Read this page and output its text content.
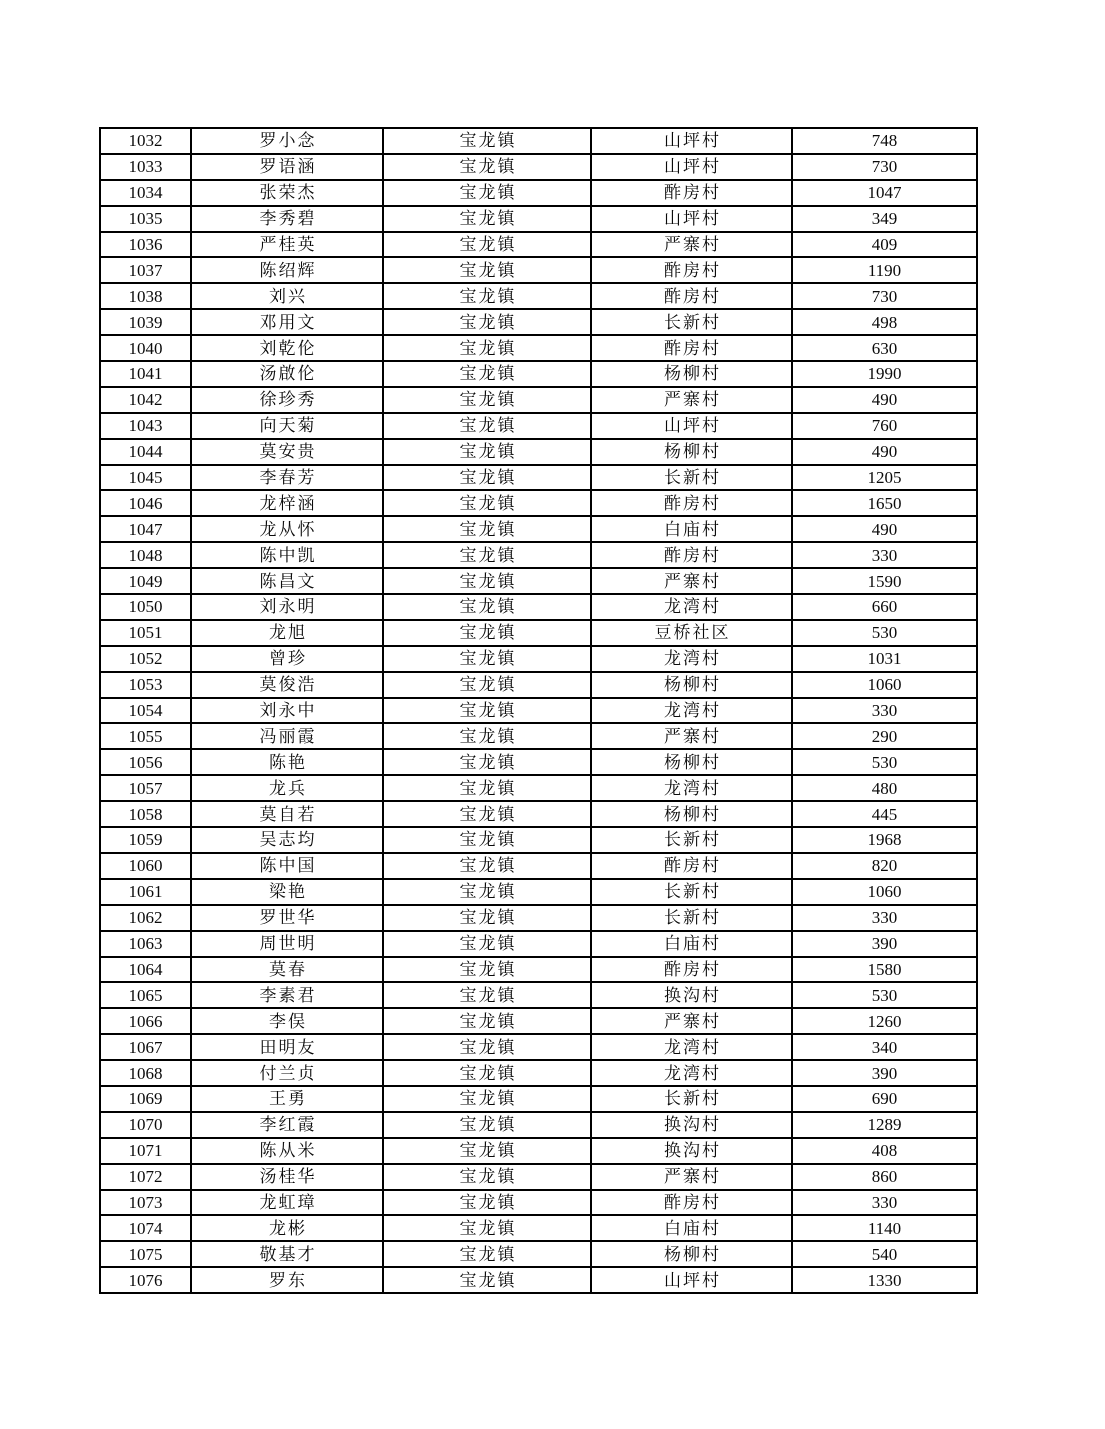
1032	罗小念	宝龙镇	山坪村	748
1033	罗语涵	宝龙镇	山坪村	730
1034	张荣杰	宝龙镇	酢房村	1047
1035	李秀碧	宝龙镇	山坪村	349
1036	严桂英	宝龙镇	严寨村	409
1037	陈绍辉	宝龙镇	酢房村	1190
1038	刘兴	宝龙镇	酢房村	730
1039	邓用文	宝龙镇	长新村	498
1040	刘乾伦	宝龙镇	酢房村	630
1041	汤啟伦	宝龙镇	杨柳村	1990
1042	徐珍秀	宝龙镇	严寨村	490
1043	向天菊	宝龙镇	山坪村	760
1044	莫安贵	宝龙镇	杨柳村	490
1045	李春芳	宝龙镇	长新村	1205
1046	龙梓涵	宝龙镇	酢房村	1650
1047	龙从怀	宝龙镇	白庙村	490
1048	陈中凯	宝龙镇	酢房村	330
1049	陈昌文	宝龙镇	严寨村	1590
1050	刘永明	宝龙镇	龙湾村	660
1051	龙旭	宝龙镇	豆桥社区	530
1052	曾珍	宝龙镇	龙湾村	1031
1053	莫俊浩	宝龙镇	杨柳村	1060
1054	刘永中	宝龙镇	龙湾村	330
1055	冯丽霞	宝龙镇	严寨村	290
1056	陈艳	宝龙镇	杨柳村	530
1057	龙兵	宝龙镇	龙湾村	480
1058	莫自若	宝龙镇	杨柳村	445
1059	吴志均	宝龙镇	长新村	1968
1060	陈中国	宝龙镇	酢房村	820
1061	梁艳	宝龙镇	长新村	1060
1062	罗世华	宝龙镇	长新村	330
1063	周世明	宝龙镇	白庙村	390
1064	莫春	宝龙镇	酢房村	1580
1065	李素君	宝龙镇	换沟村	530
1066	李俣	宝龙镇	严寨村	1260
1067	田明友	宝龙镇	龙湾村	340
1068	付兰贞	宝龙镇	龙湾村	390
1069	王勇	宝龙镇	长新村	690
1070	李红霞	宝龙镇	换沟村	1289
1071	陈从米	宝龙镇	换沟村	408
1072	汤桂华	宝龙镇	严寨村	860
1073	龙虹璋	宝龙镇	酢房村	330
1074	龙彬	宝龙镇	白庙村	1140
1075	敬基才	宝龙镇	杨柳村	540
1076	罗东	宝龙镇	山坪村	1330
